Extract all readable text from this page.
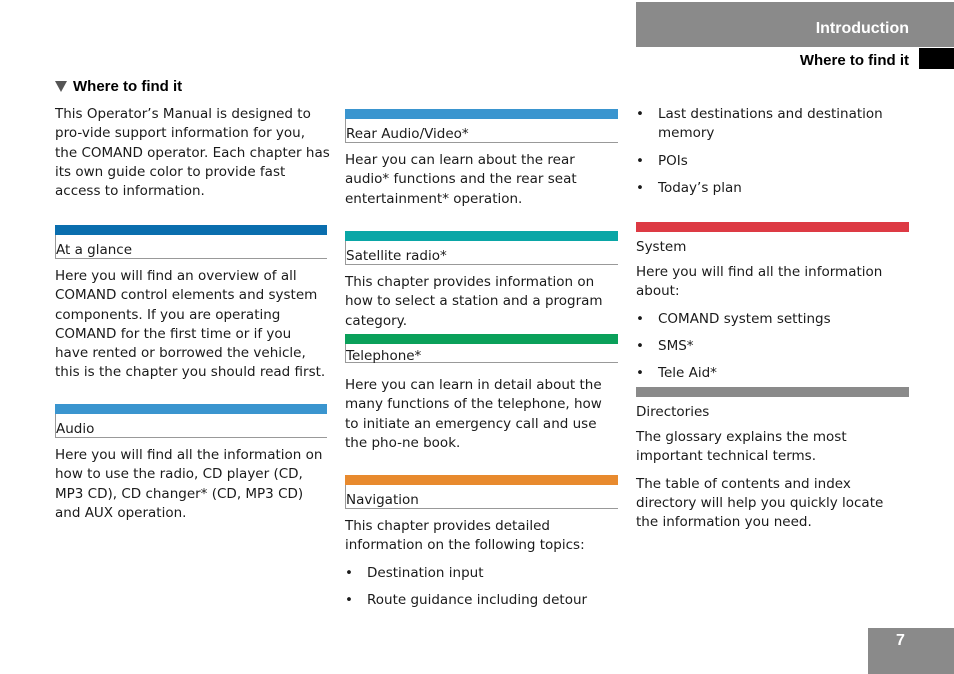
Introduction
Where to find it
Where to find it

This Operator’s Manual is designed to pro-vide support information for you, the COMAND operator. Each chapter has its own guide color to provide fast access to information.

At a glance

Here you will find an overview of all COMAND control elements and system components. If you are operating COMAND for the first time or if you have rented or borrowed the vehicle, this is the chapter you should read first.

Audio

Here you will find all the information on how to use the radio, CD player (CD, MP3 CD), CD changer* (CD, MP3 CD) and AUX operation.

Rear Audio/Video*

Hear you can learn about the rear audio* functions and the rear seat entertainment* operation.

Satellite radio*

This chapter provides information on how to select a station and a program category.

Telephone*

Here you can learn in detail about the many functions of the telephone, how to initiate an emergency call and use the pho-ne book.

Navigation

This chapter provides detailed information on the following topics:

• Destination input
• Route guidance including detour
• Last destinations and destination memory
• POIs
• Today’s plan
System

Here you will find all the information about:

• COMAND system settings
• SMS*
• Tele Aid*
Directories

The glossary explains the most important technical terms.

The table of contents and index directory will help you quickly locate the information you need.

7
